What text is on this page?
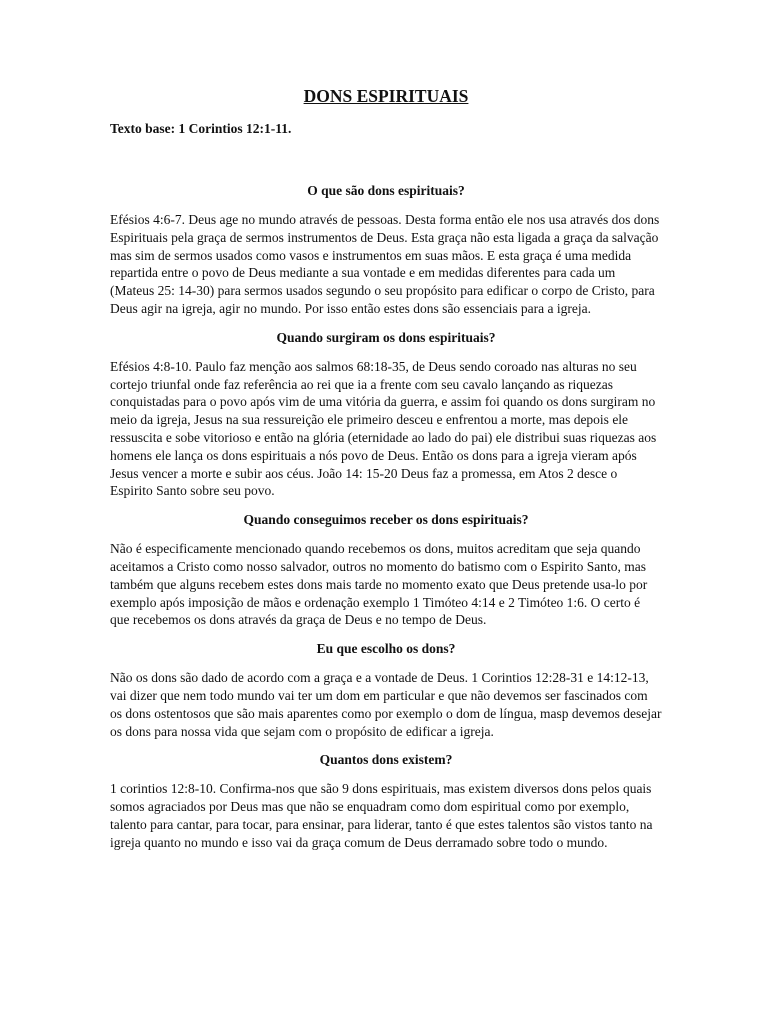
DONS ESPIRITUAIS
Texto base: 1 Corintios 12:1-11.
O que são dons espirituais?
Efésios 4:6-7. Deus age no mundo através de pessoas. Desta forma então ele nos usa através dos dons Espirituais pela graça de sermos instrumentos de Deus. Esta graça não esta ligada a graça da salvação mas sim de sermos usados como vasos e instrumentos em suas mãos. E esta graça é uma medida repartida entre o povo de Deus mediante a sua vontade e em medidas diferentes para cada um (Mateus 25: 14-30) para sermos usados segundo o seu propósito para edificar o corpo de Cristo, para Deus agir na igreja, agir no mundo. Por isso então estes dons são essenciais para a igreja.
Quando surgiram os dons espirituais?
Efésios 4:8-10. Paulo faz menção aos salmos 68:18-35, de Deus sendo coroado nas alturas no seu cortejo triunfal onde faz referência ao rei que ia a frente com seu cavalo lançando as riquezas conquistadas para o povo após vim de uma vitória da guerra, e assim foi quando os dons surgiram no meio da igreja, Jesus na sua ressureição ele primeiro desceu e enfrentou a morte, mas depois ele ressuscita e sobe vitorioso e então na glória (eternidade ao lado do pai) ele distribui suas riquezas aos homens ele lança os dons espirituais a nós povo de Deus. Então os dons para a igreja vieram após Jesus vencer a morte e subir aos céus. João 14: 15-20 Deus faz a promessa, em Atos 2 desce o Espirito Santo sobre seu povo.
Quando conseguimos receber os dons espirituais?
Não é especificamente mencionado quando recebemos os dons, muitos acreditam que seja quando aceitamos a Cristo como nosso salvador, outros no momento do batismo com o Espirito Santo, mas também que alguns recebem estes dons mais tarde no momento exato que Deus pretende usa-lo por exemplo após imposição de mãos e ordenação exemplo 1 Timóteo 4:14 e 2 Timóteo 1:6. O certo é que recebemos os dons através da graça de Deus e no tempo de Deus.
Eu que escolho os dons?
Não os dons são dado de acordo com a graça e a vontade de Deus. 1 Corintios 12:28-31 e 14:12-13, vai dizer que nem todo mundo vai ter um dom em particular e que não devemos ser fascinados com os dons ostentosos que são mais aparentes como por exemplo o dom de língua, masp devemos desejar os dons para nossa vida que sejam com o propósito de edificar a igreja.
Quantos dons existem?
1 corintios 12:8-10. Confirma-nos que são 9 dons espirituais, mas existem diversos dons pelos quais somos agraciados por Deus mas que não se enquadram como dom espiritual como por exemplo, talento para cantar, para tocar, para ensinar, para liderar, tanto é que estes talentos são vistos tanto na igreja quanto no mundo e isso vai da graça comum de Deus derramado sobre todo o mundo.
